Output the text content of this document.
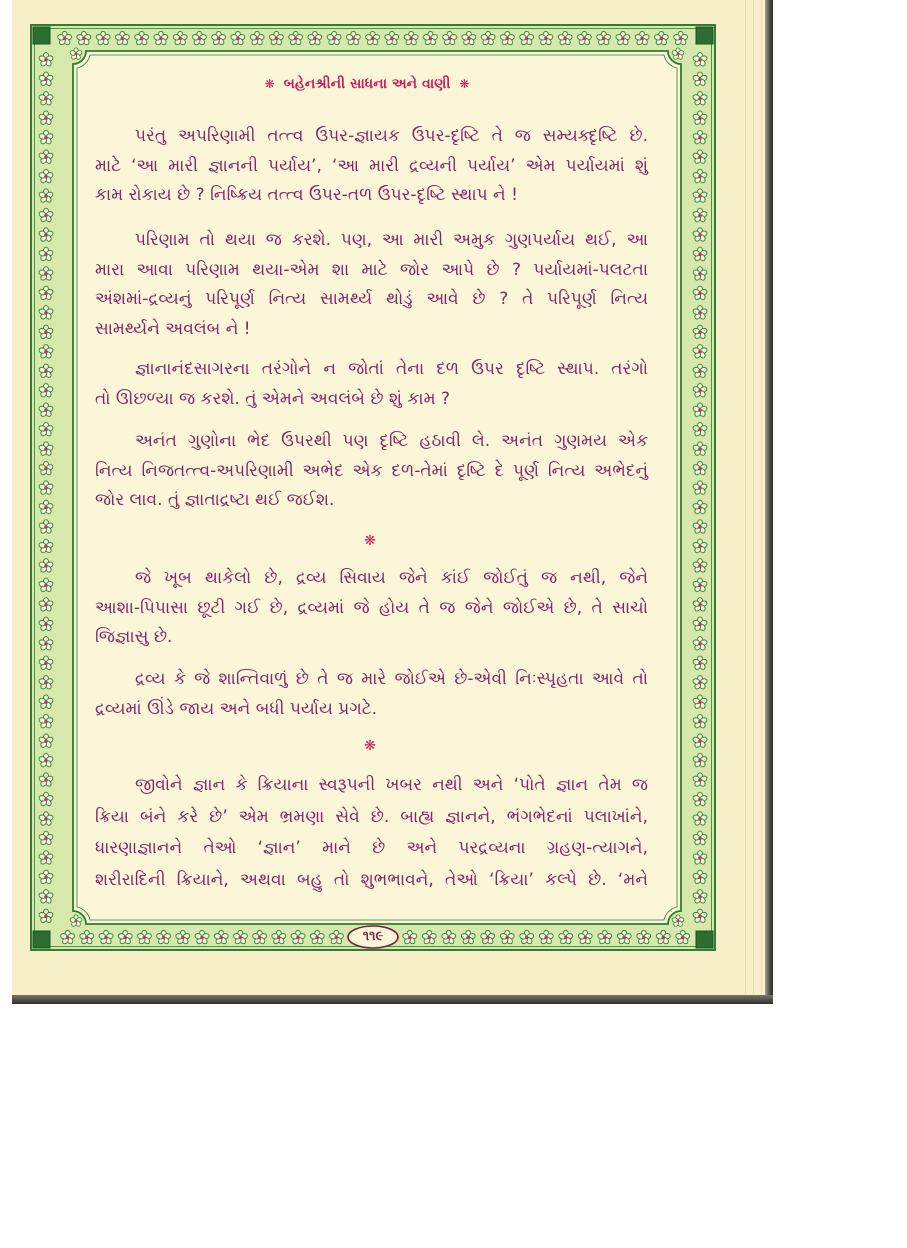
❋ બહેનશ્રીની સાધના અને વાણી ❋
પરંતુ અપરિણામી તત્ત્વ ઉપર-જ્ઞાયક ઉપર-દૃષ્ટિ તે જ સમ્યક્દૃષ્ટિ છે.
માટે ‘આ મારી જ્ઞાનની પર્યાય’, ‘આ મારી દ્રવ્યની પર્યાય’ એમ પર્યાયમાં શું
કામ રોકાય છે ? નિષ્ક્રિય તત્ત્વ ઉપર-તળ ઉપર-દૃષ્ટિ સ્થાપ ને !
પરિણામ તો થયા જ કરશે. પણ, આ મારી અમુક ગુણપર્યાય થઈ, આ
મારા આવા પરિણામ થયા-એમ શા માટે જોર આપે છે ? પર્યાયમાં-પલટતા
અંશમાં-દ્રવ્યનું પરિપૂર્ણ નિત્ય સામર્થ્ય થોડું આવે છે ? તે પરિપૂર્ણ નિત્ય
સામર્થ્યને અવલંબ ને !
જ્ઞાનાનંદસાગરના તરંગોને ન જોતાં તેના દળ ઉપર દૃષ્ટિ સ્થાપ. તરંગો
તો ઊછળ્યા જ કરશે. તું એમને અવલંબે છે શું કામ ?
અનંત ગુણોના ભેદ ઉપરથી પણ દૃષ્ટિ હઠાવી લે. અનંત ગુણમય એક
નિત્ય નિજતત્ત્વ-અપરિણામી અભેદ એક દળ-તેમાં દૃષ્ટિ દે પૂર્ણ નિત્ય અભેદનું
જોર લાવ. તું જ્ઞાતાદ્રષ્ટા થઈ જઈશ.
❋
જે ખૂબ થાકેલો છે, દ્રવ્ય સિવાય જેને કાંઈ જોઈતું જ નથી, જેને
આશા-પિપાસા છૂટી ગઈ છે, દ્રવ્યમાં જે હોય તે જ જેને જોઈએ છે, તે સાચો
જિજ્ઞાસુ છે.
દ્રવ્ય કે જે શાન્તિવાળું છે તે જ મારે જોઈએ છે-એવી નિઃસ્પૃહતા આવે તો
દ્રવ્યમાં ઊંડે જાય અને બધી પર્યાય પ્રગટે.
❋
જીવોને જ્ઞાન કે ક્રિયાના સ્વરૂપની ખબર નથી અને ‘પોતે જ્ઞાન તેમ જ
ક્રિયા બંને કરે છે’ એમ ભ્રમણા સેવે છે. બાહ્ય જ્ઞાનને, ભંગભેદનાં પલાખાંને,
ધારણાજ્ઞાનને તેઓ ‘જ્ઞાન’ માને છે અને પરદ્રવ્યના ગ્રહણ-ત્યાગને,
શરીરાદિની ક્રિયાને, અથવા બહુ તો શુભભાવને, તેઓ ‘ક્રિયા’ કલ્પે છે. ‘મને
૧૧૯
